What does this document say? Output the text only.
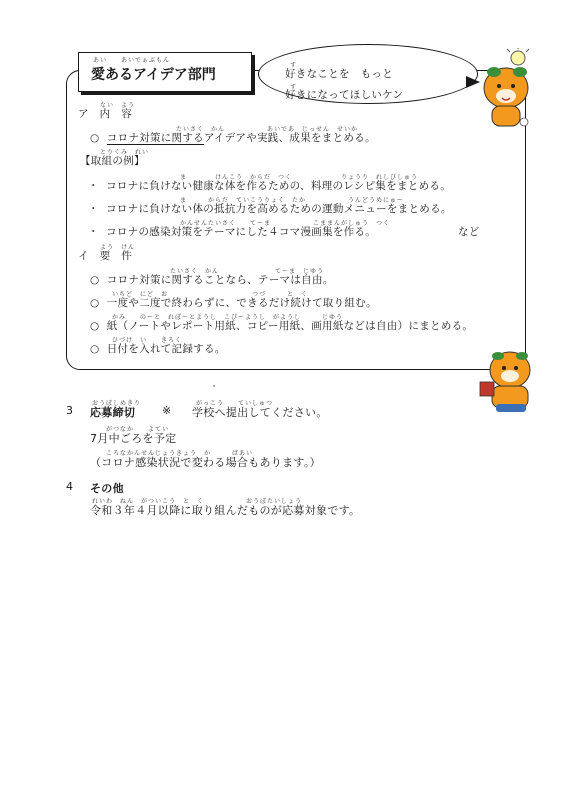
あい　　あいでぁぶもん
愛あるアイデア部門
す
好きなことを　もっと
す
好きになってほしいケン
ない　よう
ア　内　容
たいさく　かん　　　　　　あいであ　じっせん　せいか
○  コロナ対策に関するアイデアや実践、成果をまとめる。
とりくみ　れい
【取組の例】
ま　　　　けんこう　からだ　つく　　　　　　　りょうり　れしぴしゅう
・  コロナに負けない健康な体を作るための、料理のレシピ集をまとめる。
ま　　　からだ　ていこうりょく　たか　　　　　　うんどうめにゅー
・  コロナに負けない体の抵抗力を高めるための運動メニューをまとめる。
かんせんたいさく　　てーま　　　　　　こままんがしゅう　つく
・  コロナの感染対策をテーマにした４コマ漫画集を作る。	など
よう　けん
イ　要　件
たいさく　かん　　　　　　　　てーま　じゆう
○  コロナ対策に関することなら、テーマは自由。
いちど　にど　お　　　　　　　　　　　　つづ　　　と　く
○  一度や二度で終わらずに、できるだけ続けて取り組む。
かみ　　のーと　れぽーとようし　こぴーようし　がようし　　　じゆう
○  紙（ノートやレポート用紙、コピー用紙、画用紙などは自由）にまとめる。
ひづけ　い　　きろく
○  日付を入れて記録する。
おうぼしめきり	がっこう　　ていしゅつ
3 応募締切 ※ 学校へ提出してください。
がつなか　　よてい
7月中ごろを予定
ころなかんせんじょうきょう　か　　　ばあい
（コロナ感染状況で変わる場合もあります。）
4 その他
れいわ　ねん　がついこう　と　く　　　　　　おうぼたいしょう
令和３年４月以降に取り組んだものが応募対象です。
